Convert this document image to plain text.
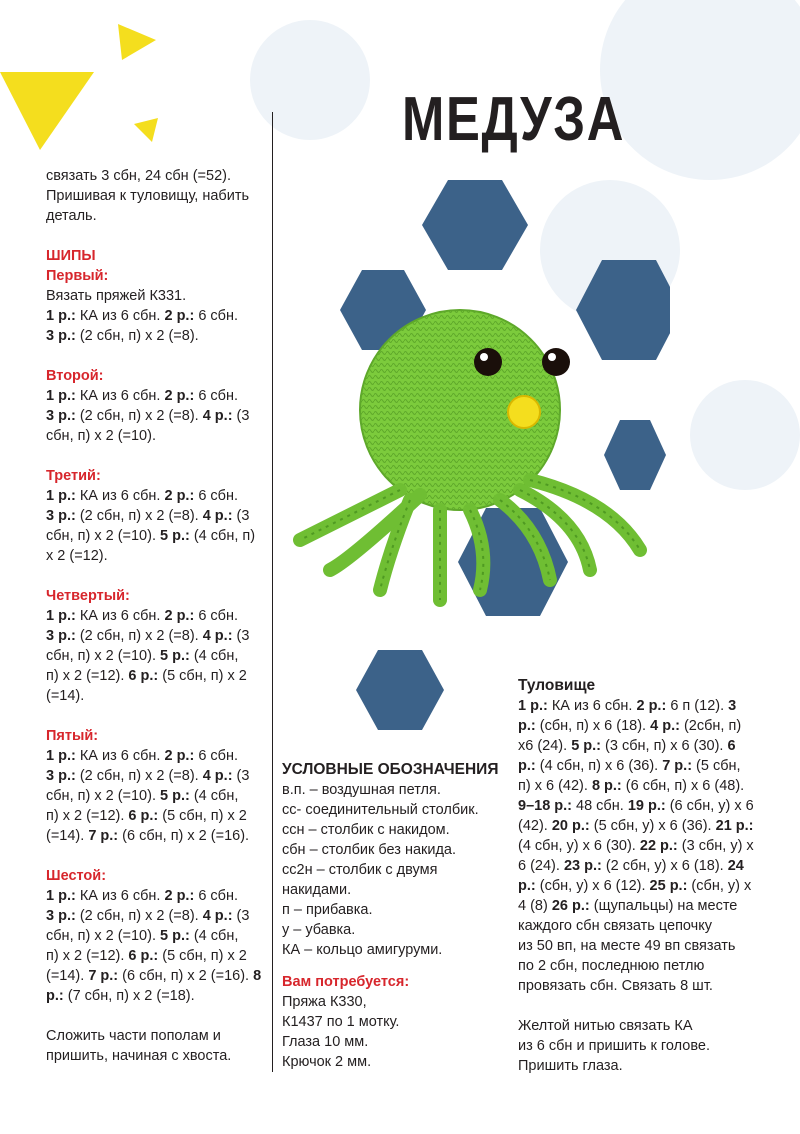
МЕДУЗА

связать 3 сбн, 24 сбн (=52).

Пришивая к туловищу, набить

деталь.

ШИПЫ

Первый:

Вязать пряжей К331.

1 р.: КА из 6 сбн. 2 р.: 6 сбн.

3 р.: (2 сбн, п) х 2 (=8).

Второй:

1 р.: КА из 6 сбн. 2 р.: 6 сбн.

3 р.: (2 сбн, п) х 2 (=8). 4 р.: (3

сбн, п) х 2 (=10).

Третий:

1 р.: КА из 6 сбн. 2 р.: 6 сбн.

3 р.: (2 сбн, п) х 2 (=8). 4 р.: (3

сбн, п) х 2 (=10). 5 р.: (4 сбн, п)

х 2 (=12).

Четвертый:

1 р.: КА из 6 сбн. 2 р.: 6 сбн.

3 р.: (2 сбн, п) х 2 (=8). 4 р.: (3

сбн, п) х 2 (=10). 5 р.: (4 сбн,

п) х 2 (=12). 6 р.: (5 сбн, п) х 2

(=14).

Пятый:

1 р.: КА из 6 сбн. 2 р.: 6 сбн.

3 р.: (2 сбн, п) х 2 (=8). 4 р.: (3

сбн, п) х 2 (=10). 5 р.: (4 сбн,

п) х 2 (=12). 6 р.: (5 сбн, п) х 2

(=14). 7 р.: (6 сбн, п) х 2 (=16).

Шестой:

1 р.: КА из 6 сбн. 2 р.: 6 сбн.

3 р.: (2 сбн, п) х 2 (=8). 4 р.: (3

сбн, п) х 2 (=10). 5 р.: (4 сбн,

п) х 2 (=12). 6 р.: (5 сбн, п) х 2

(=14). 7 р.: (6 сбн, п) х 2 (=16). 8

р.: (7 сбн, п) х 2 (=18).

Сложить части пополам и

пришить, начиная с хвоста.

УСЛОВНЫЕ ОБОЗНАЧЕНИЯ

в.п. – воздушная петля.

сс- соединительный столбик.

ссн – столбик с накидом.

сбн – столбик без накида.

сс2н – столбик с двумя

накидами.

п – прибавка.

у – убавка.

КА – кольцо амигуруми.

Вам потребуется:

Пряжа К330,

К1437 по 1 мотку.

Глаза 10 мм.

Крючок 2 мм.

Туловище

1 р.: КА из 6 сбн. 2 р.: 6 п (12). 3

р.: (сбн, п) х 6 (18). 4 р.: (2сбн, п)

х6 (24). 5 р.: (3 сбн, п) х 6 (30). 6

р.: (4 сбн, п) х 6 (36). 7 р.: (5 сбн,

п) х 6 (42). 8 р.: (6 сбн, п) х 6 (48).

9–18 р.: 48 сбн. 19 р.: (6 сбн, у) х 6

(42). 20 р.: (5 сбн, у) х 6 (36). 21 р.:

(4 сбн, у) х 6 (30). 22 р.: (3 сбн, у) х

6 (24). 23 р.: (2 сбн, у) х 6 (18). 24

р.: (сбн, у) х 6 (12). 25 р.: (сбн, у) х

4 (8) 26 р.: (щупальцы) на месте

каждого сбн связать цепочку

из 50 вп, на месте 49 вп связать

по 2 сбн, последнюю петлю

провязать сбн. Связать 8 шт.

Желтой нитью связать КА

из 6 сбн и пришить к голове.

Пришить глаза.
